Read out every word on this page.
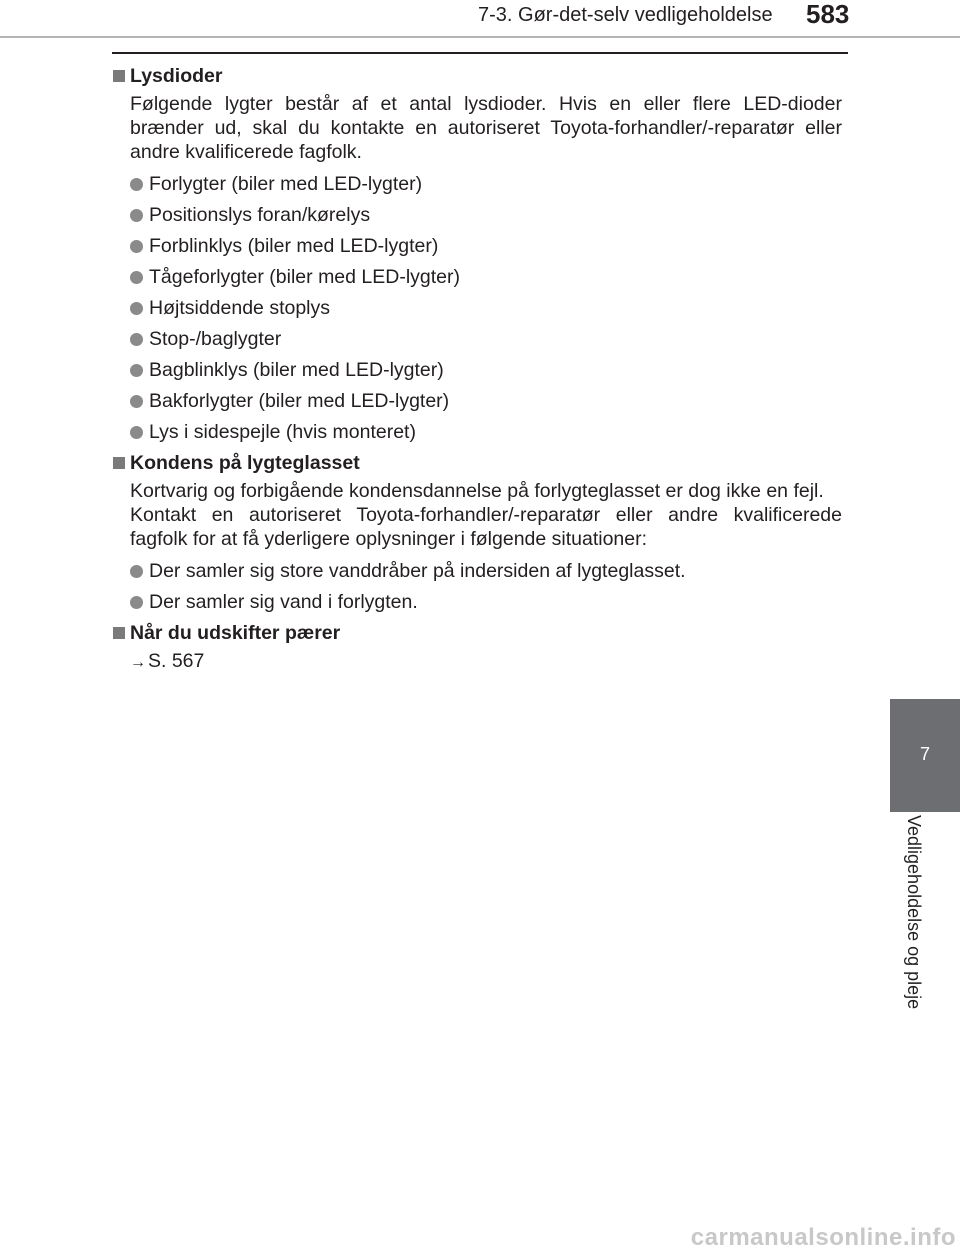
7-3. Gør-det-selv vedligeholdelse 583
Lysdioder
Følgende lygter består af et antal lysdioder. Hvis en eller flere LED-dioder brænder ud, skal du kontakte en autoriseret Toyota-forhandler/-reparatør eller andre kvalificerede fagfolk.
Forlygter (biler med LED-lygter)
Positionslys foran/kørelys
Forblinklys (biler med LED-lygter)
Tågeforlygter (biler med LED-lygter)
Højtsiddende stoplys
Stop-/baglygter
Bagblinklys (biler med LED-lygter)
Bakforlygter (biler med LED-lygter)
Lys i sidespejle (hvis monteret)
Kondens på lygteglasset
Kortvarig og forbigående kondensdannelse på forlygteglasset er dog ikke en fejl.
Kontakt en autoriseret Toyota-forhandler/-reparatør eller andre kvalificerede fagfolk for at få yderligere oplysninger i følgende situationer:
Der samler sig store vanddråber på indersiden af lygteglasset.
Der samler sig vand i forlygten.
Når du udskifter pærer
→ S. 567
7
Vedligeholdelse og pleje
carmanualsonline.info
